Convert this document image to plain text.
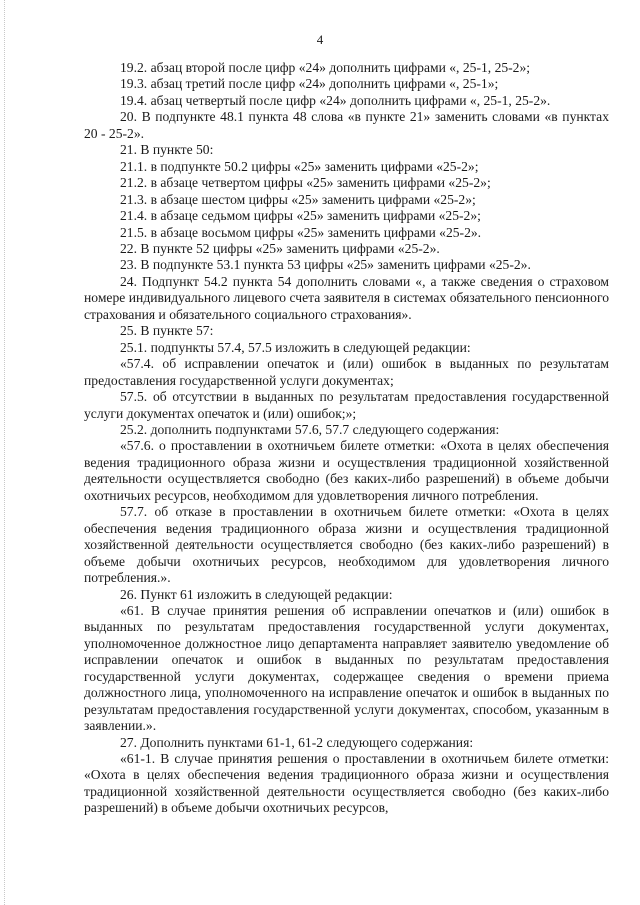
4

19.2. абзац второй после цифр «24» дополнить цифрами «, 25-1, 25-2»;

19.3. абзац третий после цифр «24» дополнить цифрами «, 25-1»;

19.4. абзац четвертый после цифр «24» дополнить цифрами «, 25-1, 25-2».

20. В подпункте 48.1 пункта 48 слова «в пункте 21» заменить словами «в пунктах 20 - 25-2».

21. В пункте 50:

21.1. в подпункте 50.2 цифры «25» заменить цифрами «25-2»;

21.2. в абзаце четвертом цифры «25» заменить цифрами «25-2»;

21.3. в абзаце шестом цифры «25» заменить цифрами «25-2»;

21.4. в абзаце седьмом цифры «25» заменить цифрами «25-2»;

21.5. в абзаце восьмом цифры «25» заменить цифрами «25-2».

22. В пункте 52 цифры «25» заменить цифрами «25-2».

23. В подпункте 53.1 пункта 53 цифры «25» заменить цифрами «25-2».

24. Подпункт 54.2 пункта 54 дополнить словами «, а также сведения о страховом номере индивидуального лицевого счета заявителя в системах обязательного пенсионного страхования и обязательного социального страхования».

25. В пункте 57:

25.1. подпункты 57.4, 57.5 изложить в следующей редакции:

«57.4. об исправлении опечаток и (или) ошибок в выданных по результатам предоставления государственной услуги документах;

57.5. об отсутствии в выданных по результатам предоставления государственной услуги документах опечаток и (или) ошибок;»;

25.2. дополнить подпунктами 57.6, 57.7 следующего содержания:

«57.6. о проставлении в охотничьем билете отметки: «Охота в целях обеспечения ведения традиционного образа жизни и осуществления традиционной хозяйственной деятельности осуществляется свободно (без каких-либо разрешений) в объеме добычи охотничьих ресурсов, необходимом для удовлетворения личного потребления.

57.7. об отказе в проставлении в охотничьем билете отметки: «Охота в целях обеспечения ведения традиционного образа жизни и осуществления традиционной хозяйственной деятельности осуществляется свободно (без каких-либо разрешений) в объеме добычи охотничьих ресурсов, необходимом для удовлетворения личного потребления.».

26. Пункт 61 изложить в следующей редакции:

«61. В случае принятия решения об исправлении опечатков и (или) ошибок в выданных по результатам предоставления государственной услуги документах, уполномоченное должностное лицо департамента направляет заявителю уведомление об исправлении опечаток и ошибок в выданных по результатам предоставления государственной услуги документах, содержащее сведения о времени приема должностного лица, уполномоченного на исправление опечаток и ошибок в выданных по результатам предоставления государственной услуги документах, способом, указанным в заявлении.».

27. Дополнить пунктами 61-1, 61-2 следующего содержания:

«61-1. В случае принятия решения о проставлении в охотничьем билете отметки: «Охота в целях обеспечения ведения традиционного образа жизни и осуществления традиционной хозяйственной деятельности осуществляется свободно (без каких-либо разрешений) в объеме добычи охотничьих ресурсов,
